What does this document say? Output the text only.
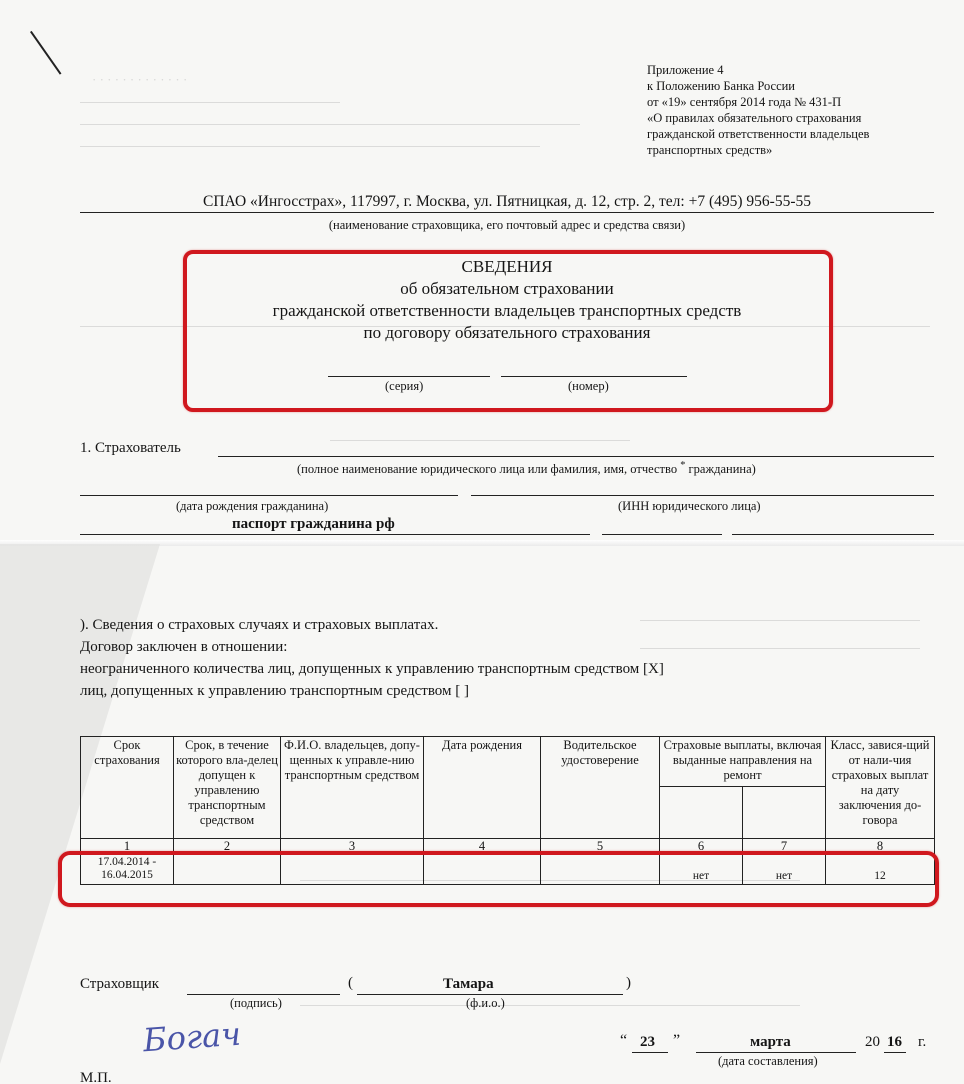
· · · · · · · · · · · · ·
Приложение 4
к Положению Банка России
от «19» сентября 2014 года № 431-П
«О правилах обязательного страхования
гражданской ответственности владельцев
транспортных средств»
СПАО «Ингосстрах», 117997, г. Москва, ул. Пятницкая, д. 12, стр. 2, тел: +7 (495) 956-55-55
(наименование страховщика, его почтовый адрес и средства связи)
СВЕДЕНИЯ
об обязательном страховании
гражданской ответственности владельцев транспортных средств
по договору обязательного страхования
(серия)	(номер)
1. Страхователь
(полное наименование юридического лица или фамилия, имя, отчество * гражданина)
(дата рождения гражданина)	(ИНН юридического лица)
паспорт гражданина рф
). Сведения о страховых случаях и страховых выплатах.
Договор заключен в отношении:
неограниченного количества лиц, допущенных к управлению транспортным средством [X]
лиц, допущенных к управлению транспортным средством [ ]
Срок страхования	Срок, в течение которого вла-делец допущен к управлению транспортным средством	Ф.И.О. владельцев, допу-щенных к управле-нию транспортным средством	Дата рождения	Водительское удостоверение	Страховые выплаты, включая выданные направления на ремонт		Класс, завися-щий от нали-чия страховых выплат на дату заключения до-говора

1	2	3	4	5	6	7	8

17.04.2014 -
16.04.2015					нет	нет	12
Страховщик	(	Тамара	)
(подпись)	(ф.и.о.)
Богач	“ 23 ”	марта	20 16 г.
(дата составления)
М.П.
